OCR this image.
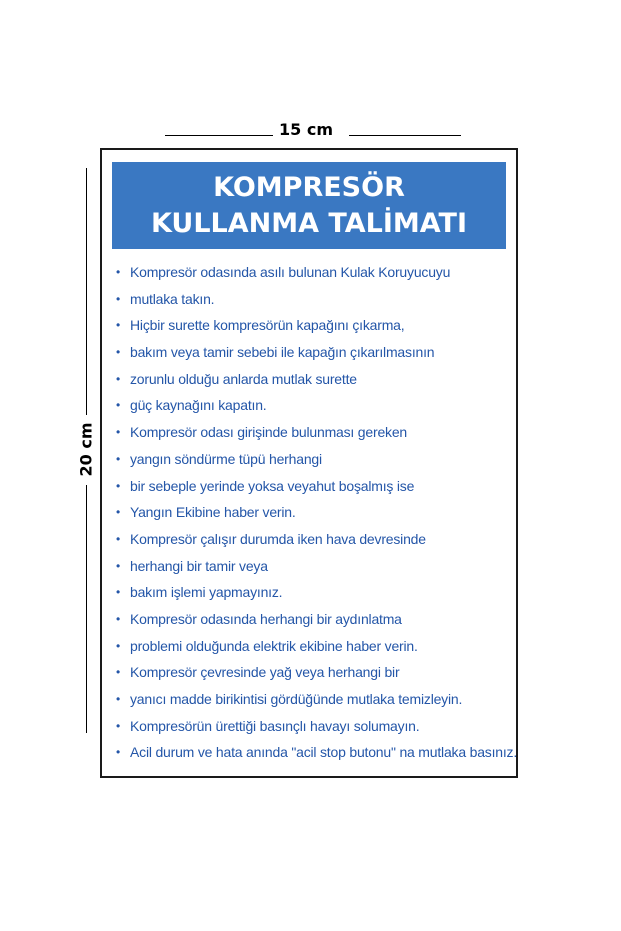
15 cm
20 cm
KOMPRESÖR
KULLANMA TALİMATI
• Kompresör odasında asılı bulunan Kulak Koruyucuyu
• mutlaka takın.
• Hiçbir surette kompresörün kapağını çıkarma,
• bakım veya tamir sebebi ile kapağın çıkarılmasının
• zorunlu olduğu anlarda mutlak surette
• güç kaynağını kapatın.
• Kompresör odası girişinde bulunması gereken
• yangın söndürme tüpü herhangi
• bir sebeple yerinde yoksa veyahut boşalmış ise
• Yangın Ekibine haber verin.
• Kompresör çalışır durumda iken hava devresinde
• herhangi bir tamir veya
• bakım işlemi yapmayınız.
• Kompresör odasında herhangi bir aydınlatma
• problemi olduğunda elektrik ekibine haber verin.
• Kompresör çevresinde yağ veya herhangi bir
• yanıcı madde birikintisi gördüğünde mutlaka temizleyin.
• Kompresörün ürettiği basınçlı havayı solumayın.
• Acil durum ve hata anında "acil stop butonu" na mutlaka basınız.
